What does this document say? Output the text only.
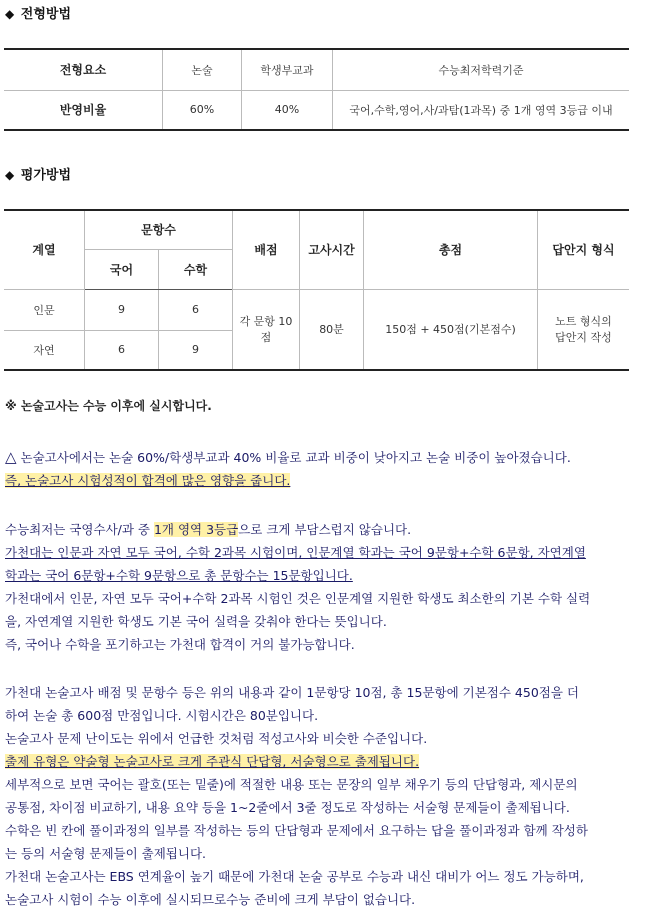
◆ 전형방법
전형요소	논술	학생부교과	수능최저학력기준
반영비율	60%	40%	국어,수학,영어,사/과탐(1과목) 중 1개 영역 3등급 이내
◆ 평가방법
계열	문항수		배점	고사시간	총점	답안지 형식
	국어	수학				
인문	9	6	각 문항 10점	80분	150점 + 450점(기본점수)	노트 형식의 답안지 작성
자연	6	9				
※ 논술고사는 수능 이후에 실시합니다.
△ 논술고사에서는 논술 60%/학생부교과 40% 비율로 교과 비중이 낮아지고 논술 비중이 높아졌습니다.
즉, 논술고사 시험성적이 합격에 많은 영향을 줍니다.
수능최저는 국영수사/과 중 1개 영역 3등급으로 크게 부담스럽지 않습니다.
가천대는 인문과 자연 모두 국어, 수학 2과목 시험이며, 인문계열 학과는 국어 9문항+수학 6문항, 자연계열
학과는 국어 6문항+수학 9문항으로 총 문항수는 15문항입니다.
가천대에서 인문, 자연 모두 국어+수학 2과목 시험인 것은 인문계열 지원한 학생도 최소한의 기본 수학 실력
을, 자연계열 지원한 학생도 기본 국어 실력을 갖춰야 한다는 뜻입니다.
즉, 국어나 수학을 포기하고는 가천대 합격이 거의 불가능합니다.
가천대 논술고사 배점 및 문항수 등은 위의 내용과 같이 1문항당 10점, 총 15문항에 기본점수 450점을 더
하여 논술 총 600점 만점입니다. 시험시간은 80분입니다.
논술고사 문제 난이도는 위에서 언급한 것처럼 적성고사와 비슷한 수준입니다.
출제 유형은 약술형 논술고사로 크게 주관식 단답형, 서술형으로 출제됩니다.
세부적으로 보면 국어는 괄호(또는 밑줄)에 적절한 내용 또는 문장의 일부 채우기 등의 단답형과, 제시문의
공통점, 차이점 비교하기, 내용 요약 등을 1~2줄에서 3줄 정도로 작성하는 서술형 문제들이 출제됩니다.
수학은 빈 칸에 풀이과정의 일부를 작성하는 등의 단답형과 문제에서 요구하는 답을 풀이과정과 함께 작성하
는 등의 서술형 문제들이 출제됩니다.
가천대 논술고사는 EBS 연계율이 높기 때문에 가천대 논술 공부로 수능과 내신 대비가 어느 정도 가능하며,
논술고사 시험이 수능 이후에 실시되므로수능 준비에 크게 부담이 없습니다.
